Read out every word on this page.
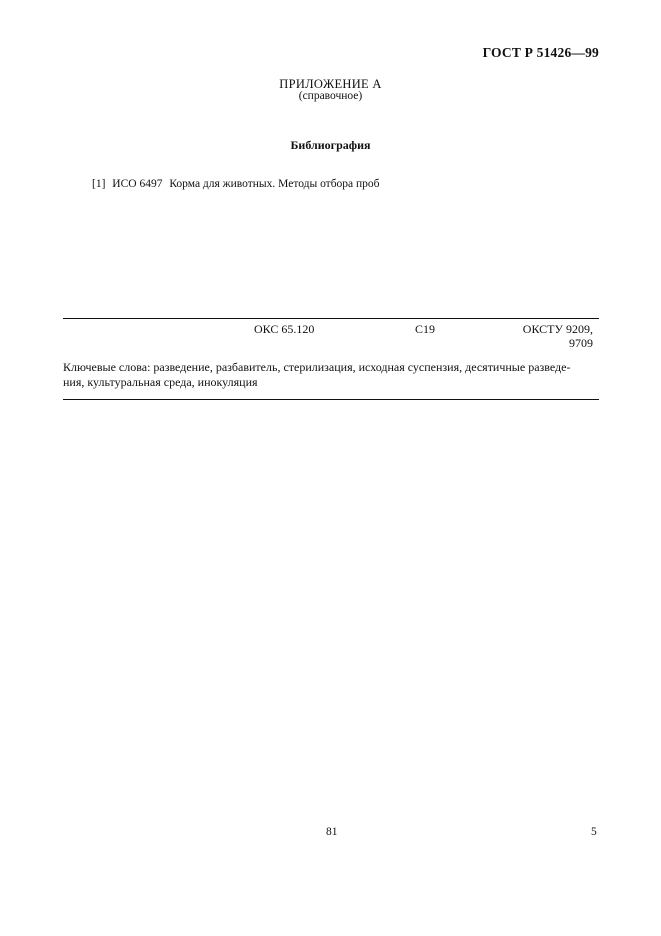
ГОСТ Р 51426—99
ПРИЛОЖЕНИЕ А
(справочное)
Библиография
[1] ИСО 6497 Корма для животных. Методы отбора проб
ОКС 65.120	С19	ОКСТУ 9209,
9709
Ключевые слова: разведение, разбавитель, стерилизация, исходная суспензия, десятичные разведе-
ния, культуральная среда, инокуляция
81	5
